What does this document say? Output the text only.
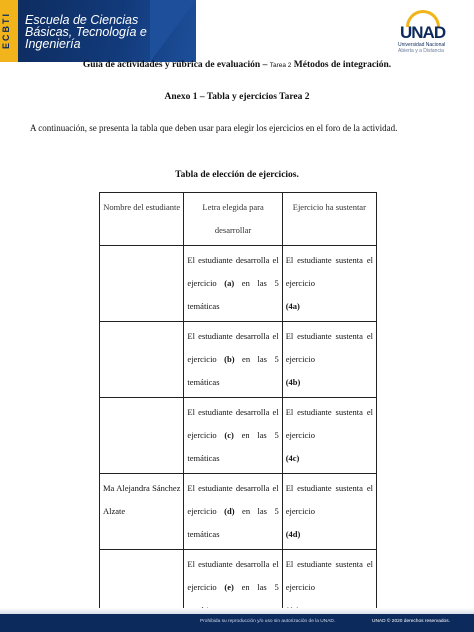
ECBTI	Escuela de Ciencias
Básicas, Tecnología e
Ingeniería
UNAD
Universidad Nacional
Abierta y a Distancia
Guía de actividades y rúbrica de evaluación – Tarea 2 Métodos de integración.
Anexo 1 – Tabla y ejercicios Tarea 2
A continuación, se presenta la tabla que deben usar para elegir los ejercicios en el foro de la actividad.
Tabla de elección de ejercicios.
Nombre del estudiante	Letra elegida para desarrollar	Ejercicio ha sustentar
	El estudiante desarrolla el ejercicio (a) en las 5 temáticas	El estudiante sustenta el ejercicio
(4a)
	El estudiante desarrolla el ejercicio (b) en las 5 temáticas	El estudiante sustenta el ejercicio
(4b)
	El estudiante desarrolla el ejercicio (c) en las 5 temáticas	El estudiante sustenta el ejercicio
(4c)
Ma Alejandra Sánchez Alzate	El estudiante desarrolla el ejercicio (d) en las 5 temáticas	El estudiante sustenta el ejercicio
(4d)
	El estudiante desarrolla el ejercicio (e) en las 5	El estudiante sustenta el ejercicio

Prohibida su reproducción y/o uso sin autorización de la UNAD.	UNAD © 2020 derechos reservados.
